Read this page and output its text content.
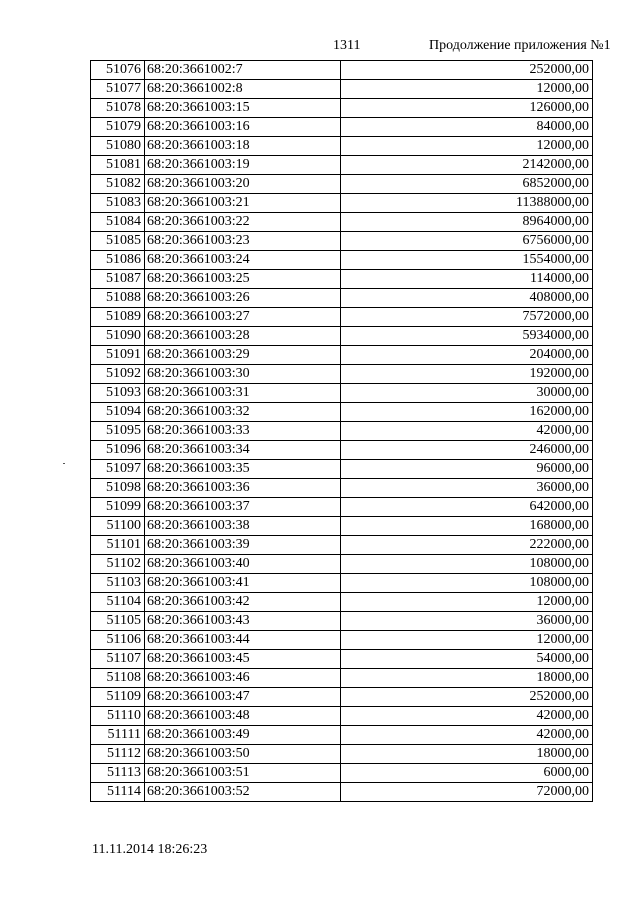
1311	Продолжение приложения №1
51076	68:20:3661002:7	252000,00
51077	68:20:3661002:8	12000,00
51078	68:20:3661003:15	126000,00
51079	68:20:3661003:16	84000,00
51080	68:20:3661003:18	12000,00
51081	68:20:3661003:19	2142000,00
51082	68:20:3661003:20	6852000,00
51083	68:20:3661003:21	11388000,00
51084	68:20:3661003:22	8964000,00
51085	68:20:3661003:23	6756000,00
51086	68:20:3661003:24	1554000,00
51087	68:20:3661003:25	114000,00
51088	68:20:3661003:26	408000,00
51089	68:20:3661003:27	7572000,00
51090	68:20:3661003:28	5934000,00
51091	68:20:3661003:29	204000,00
51092	68:20:3661003:30	192000,00
51093	68:20:3661003:31	30000,00
51094	68:20:3661003:32	162000,00
51095	68:20:3661003:33	42000,00
51096	68:20:3661003:34	246000,00
51097	68:20:3661003:35	96000,00
51098	68:20:3661003:36	36000,00
51099	68:20:3661003:37	642000,00
51100	68:20:3661003:38	168000,00
51101	68:20:3661003:39	222000,00
51102	68:20:3661003:40	108000,00
51103	68:20:3661003:41	108000,00
51104	68:20:3661003:42	12000,00
51105	68:20:3661003:43	36000,00
51106	68:20:3661003:44	12000,00
51107	68:20:3661003:45	54000,00
51108	68:20:3661003:46	18000,00
51109	68:20:3661003:47	252000,00
51110	68:20:3661003:48	42000,00
51111	68:20:3661003:49	42000,00
51112	68:20:3661003:50	18000,00
51113	68:20:3661003:51	6000,00
51114	68:20:3661003:52	72000,00
11.11.2014 18:26:23
